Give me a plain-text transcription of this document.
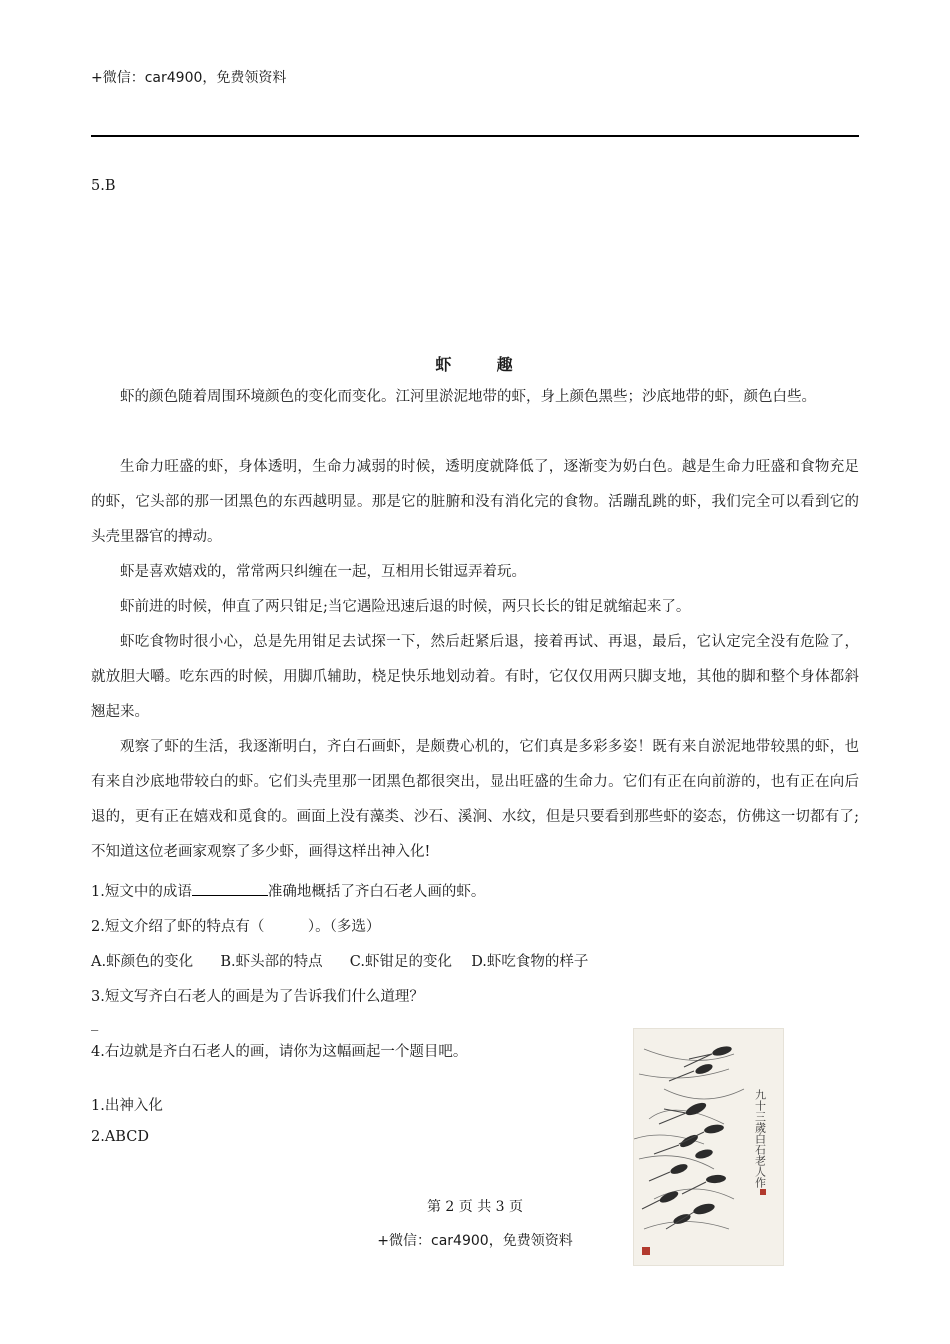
+微信：car4900，免费领资料
5.B
虾	趣
虾的颜色随着周围环境颜色的变化而变化。江河里淤泥地带的虾，身上颜色黑些；沙底地带的虾，颜色白些。
生命力旺盛的虾，身体透明，生命力减弱的时候，透明度就降低了，逐渐变为奶白色。越是生命力旺盛和食物充足的虾，它头部的那一团黑色的东西越明显。那是它的脏腑和没有消化完的食物。活蹦乱跳的虾，我们完全可以看到它的头壳里器官的搏动。
虾是喜欢嬉戏的，常常两只纠缠在一起，互相用长钳逗弄着玩。
虾前进的时候，伸直了两只钳足;当它遇险迅速后退的时候，两只长长的钳足就缩起来了。
虾吃食物时很小心，总是先用钳足去试探一下，然后赶紧后退，接着再试、再退，最后，它认定完全没有危险了，就放胆大嚼。吃东西的时候，用脚爪辅助，桡足快乐地划动着。有时，它仅仅用两只脚支地，其他的脚和整个身体都斜翘起来。
观察了虾的生活，我逐渐明白，齐白石画虾，是颇费心机的，它们真是多彩多姿！既有来自淤泥地带较黑的虾，也有来自沙底地带较白的虾。它们头壳里那一团黑色都很突出，显出旺盛的生命力。它们有正在向前游的，也有正在向后退的，更有正在嬉戏和觅食的。画面上没有藻类、沙石、溪涧、水纹，但是只要看到那些虾的姿态，仿佛这一切都有了;不知道这位老画家观察了多少虾，画得这样出神入化!
1.短文中的成语	准确地概括了齐白石老人画的虾。
2.短文介绍了虾的特点有（　　　）。（多选）
A.虾颜色的变化 B.虾头部的特点 C.虾钳足的变化 D.虾吃食物的样子
3.短文写齐白石老人的画是为了告诉我们什么道理？
_
4.右边就是齐白石老人的画，请你为这幅画起一个题目吧。
1.出神入化
2.ABCD	九十三歲白石老人作
第 2 页 共 3 页
+微信：car4900，免费领资料
